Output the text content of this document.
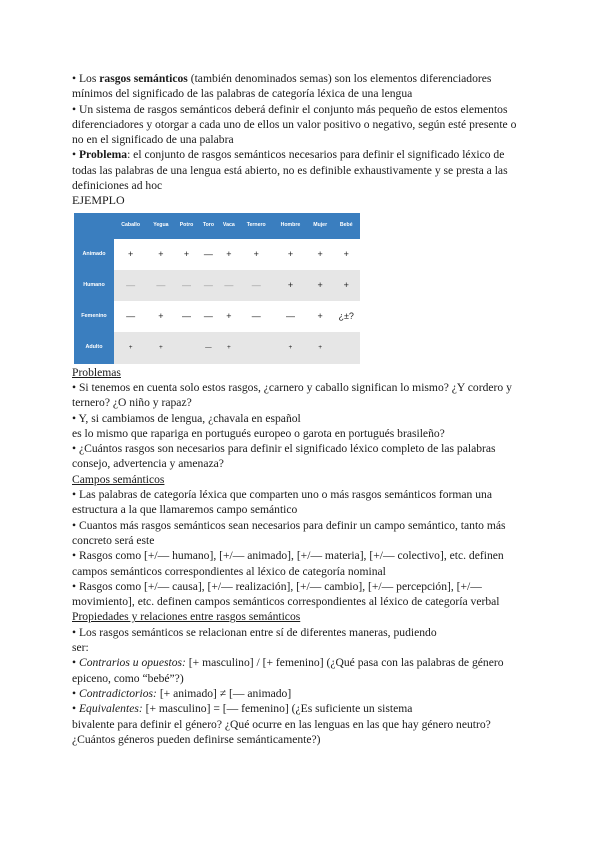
• Los rasgos semánticos (también denominados semas) son los elementos diferenciadores mínimos del significado de las palabras de categoría léxica de una lengua

• Un sistema de rasgos semánticos deberá definir el conjunto más pequeño de estos elementos diferenciadores y otorgar a cada uno de ellos un valor positivo o negativo, según esté presente o no en el significado de una palabra

• Problema: el conjunto de rasgos semánticos necesarios para definir el significado léxico de todas las palabras de una lengua está abierto, no es definible exhaustivamente y se presta a las definiciones ad hoc

EJEMPLO

	Caballo	Yegua	Potro	Toro	Vaca	Ternero	Hombre	Mujer	Bebé
Animado	+	+	+	—	+	+	+	+	+
Humano	—	—	—	—	—	—	+	+	+
Femenino	—	+	—	—	+	—	—	+	¿±?
Adulto	+	+		—	+		+	+	

Problemas

• Si tenemos en cuenta solo estos rasgos, ¿carnero y caballo significan lo mismo? ¿Y cordero y ternero? ¿O niño y rapaz?

• Y, si cambiamos de lengua, ¿chavala en español

es lo mismo que rapariga en portugués europeo o garota en portugués brasileño?

• ¿Cuántos rasgos son necesarios para definir el significado léxico completo de las palabras consejo, advertencia y amenaza?

Campos semánticos

• Las palabras de categoría léxica que comparten uno o más rasgos semánticos forman una estructura a la que llamaremos campo semántico

• Cuantos más rasgos semánticos sean necesarios para definir un campo semántico, tanto más concreto será este

• Rasgos como [+/— humano], [+/— animado], [+/— materia], [+/— colectivo], etc. definen campos semánticos correspondientes al léxico de categoría nominal

• Rasgos como [+/— causa], [+/— realización], [+/— cambio], [+/— percepción], [+/— movimiento], etc. definen campos semánticos correspondientes al léxico de categoría verbal

Propiedades y relaciones entre rasgos semánticos

• Los rasgos semánticos se relacionan entre sí de diferentes maneras, pudiendo

ser:

• Contrarios u opuestos: [+ masculino] / [+ femenino] (¿Qué pasa con las palabras de género epiceno, como “bebé”?)

• Contradictorios: [+ animado] ≠ [— animado]

• Equivalentes: [+ masculino] = [— femenino] (¿Es suficiente un sistema

bivalente para definir el género? ¿Qué ocurre en las lenguas en las que hay género neutro? ¿Cuántos géneros pueden definirse semánticamente?)
